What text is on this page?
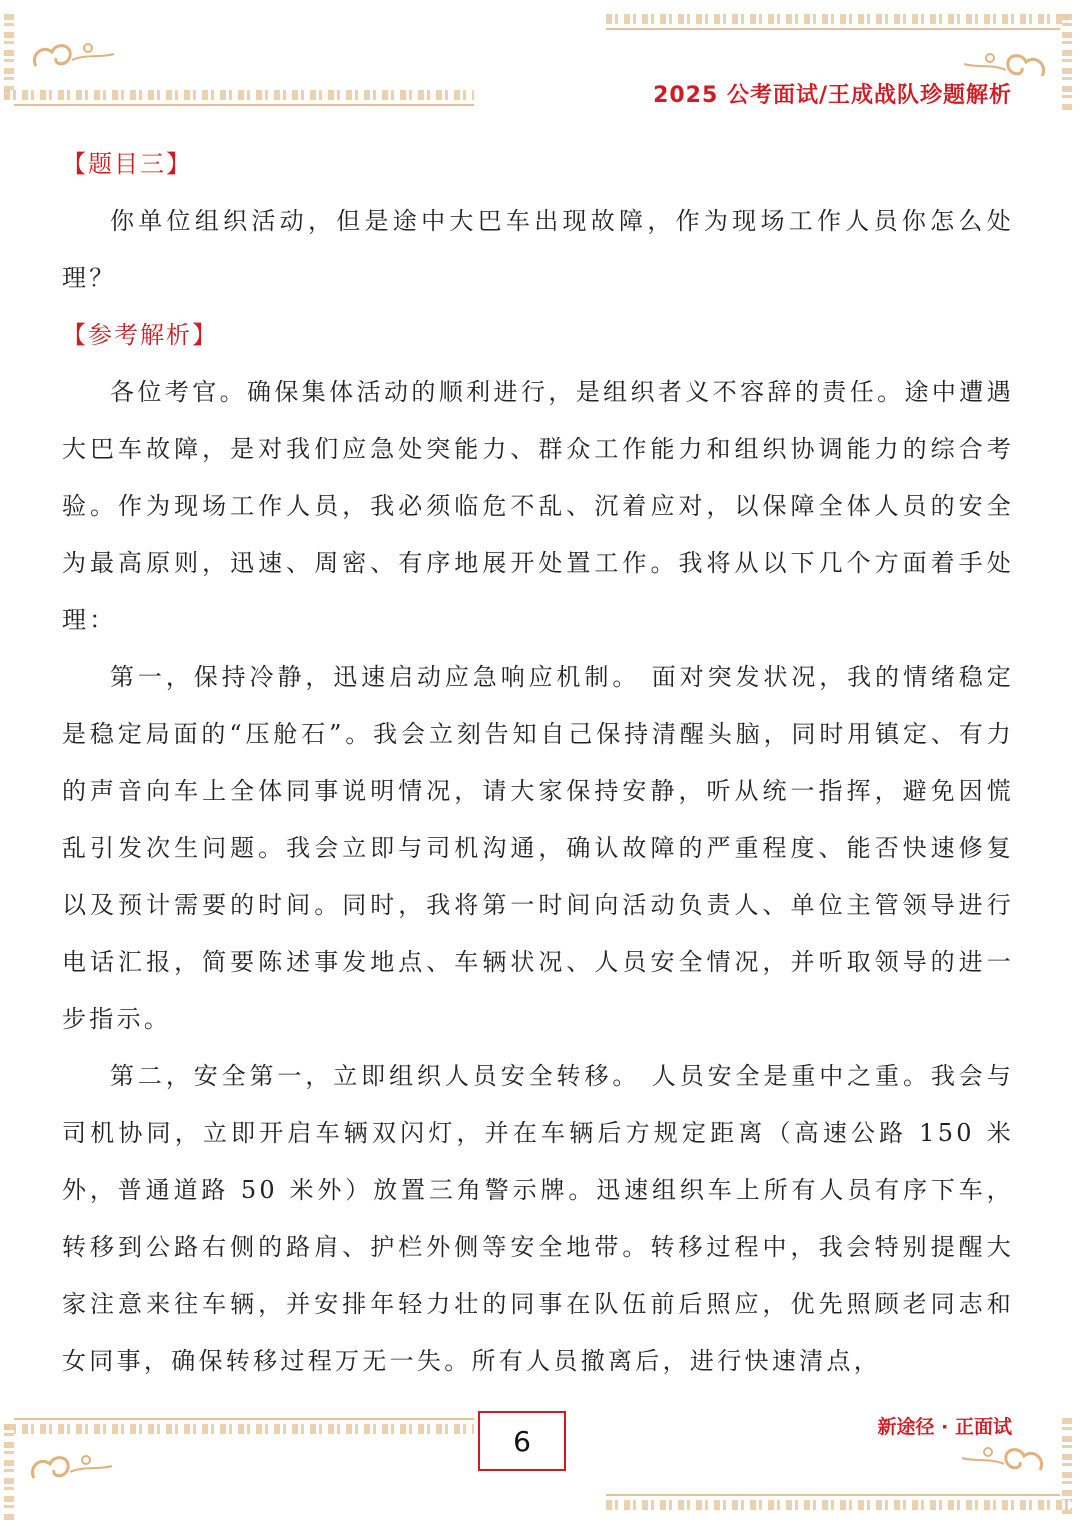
2025 公考面试/王成战队珍题解析
【题目三】

你单位组织活动，但是途中大巴车出现故障，作为现场工作人员你怎么处理？

【参考解析】

各位考官。确保集体活动的顺利进行，是组织者义不容辞的责任。途中遭遇大巴车故障，是对我们应急处突能力、群众工作能力和组织协调能力的综合考验。作为现场工作人员，我必须临危不乱、沉着应对，以保障全体人员的安全为最高原则，迅速、周密、有序地展开处置工作。我将从以下几个方面着手处理：

第一，保持冷静，迅速启动应急响应机制。 面对突发状况，我的情绪稳定是稳定局面的“压舱石”。我会立刻告知自己保持清醒头脑，同时用镇定、有力的声音向车上全体同事说明情况，请大家保持安静，听从统一指挥，避免因慌乱引发次生问题。我会立即与司机沟通，确认故障的严重程度、能否快速修复以及预计需要的时间。同时，我将第一时间向活动负责人、单位主管领导进行电话汇报，简要陈述事发地点、车辆状况、人员安全情况，并听取领导的进一步指示。

第二，安全第一，立即组织人员安全转移。 人员安全是重中之重。我会与司机协同，立即开启车辆双闪灯，并在车辆后方规定距离（高速公路 150 米外，普通道路 50 米外）放置三角警示牌。迅速组织车上所有人员有序下车，转移到公路右侧的路肩、护栏外侧等安全地带。转移过程中，我会特别提醒大家注意来往车辆，并安排年轻力壮的同事在队伍前后照应，优先照顾老同志和女同事，确保转移过程万无一失。所有人员撤离后，进行快速清点，

6	新途径 · 正面试
